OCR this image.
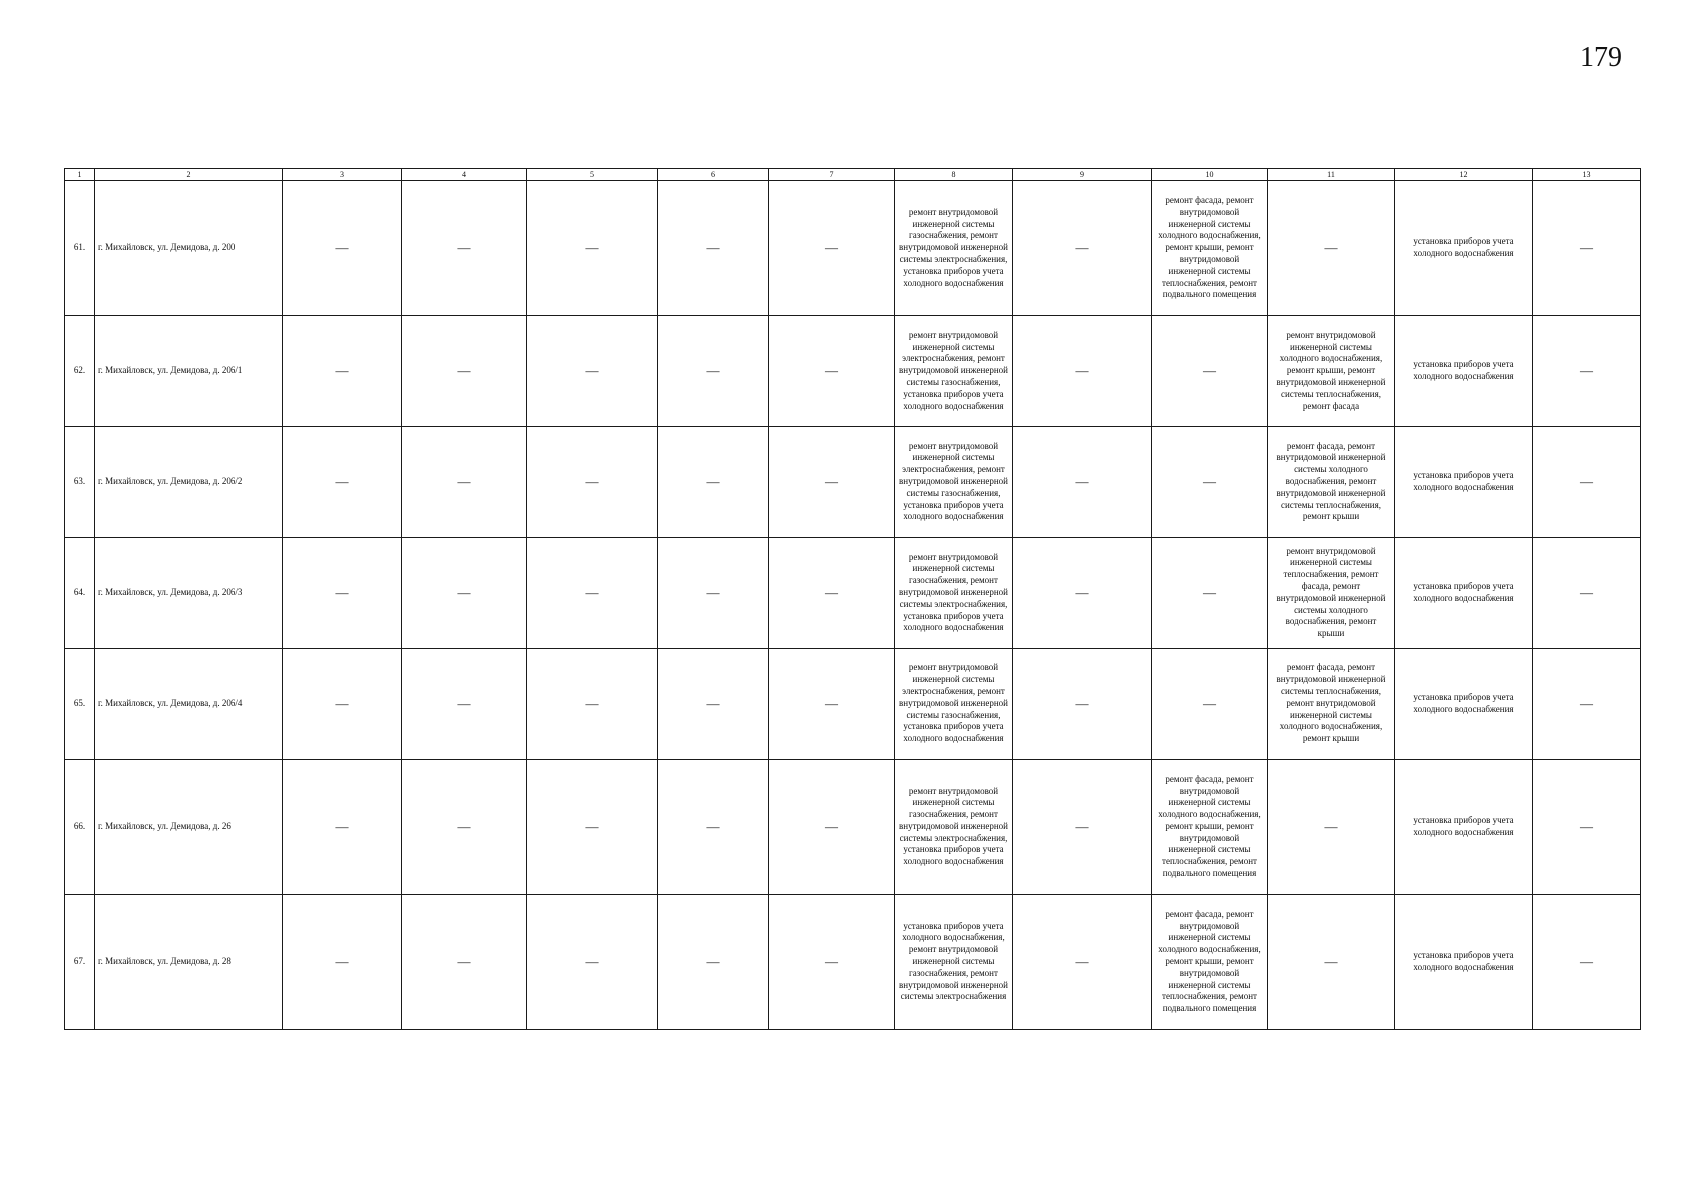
179
1	2	3	4	5	6	7	8	9	10	11	12	13
61.	г. Михайловск, ул. Демидова, д. 200	—	—	—	—	—	ремонт внутридомовой инженерной системы газоснабжения, ремонт внутридомовой инженерной системы электроснабжения, установка приборов учета холодного водоснабжения	—	ремонт фасада, ремонт внутридомовой инженерной системы холодного водоснабжения, ремонт крыши, ремонт внутридомовой инженерной системы теплоснабжения, ремонт подвального помещения	—	установка приборов учета холодного водоснабжения	—
62.	г. Михайловск, ул. Демидова, д. 206/1	—	—	—	—	—	ремонт внутридомовой инженерной системы электроснабжения, ремонт внутридомовой инженерной системы газоснабжения, установка приборов учета холодного водоснабжения	—	—	ремонт внутридомовой инженерной системы холодного водоснабжения, ремонт крыши, ремонт внутридомовой инженерной системы теплоснабжения, ремонт фасада	установка приборов учета холодного водоснабжения	—
63.	г. Михайловск, ул. Демидова, д. 206/2	—	—	—	—	—	ремонт внутридомовой инженерной системы электроснабжения, ремонт внутридомовой инженерной системы газоснабжения, установка приборов учета холодного водоснабжения	—	—	ремонт фасада, ремонт внутридомовой инженерной системы холодного водоснабжения, ремонт внутридомовой инженерной системы теплоснабжения, ремонт крыши	установка приборов учета холодного водоснабжения	—
64.	г. Михайловск, ул. Демидова, д. 206/3	—	—	—	—	—	ремонт внутридомовой инженерной системы газоснабжения, ремонт внутридомовой инженерной системы электроснабжения, установка приборов учета холодного водоснабжения	—	—	ремонт внутридомовой инженерной системы теплоснабжения, ремонт фасада, ремонт внутридомовой инженерной системы холодного водоснабжения, ремонт крыши	установка приборов учета холодного водоснабжения	—
65.	г. Михайловск, ул. Демидова, д. 206/4	—	—	—	—	—	ремонт внутридомовой инженерной системы электроснабжения, ремонт внутридомовой инженерной системы газоснабжения, установка приборов учета холодного водоснабжения	—	—	ремонт фасада, ремонт внутридомовой инженерной системы теплоснабжения, ремонт внутридомовой инженерной системы холодного водоснабжения, ремонт крыши	установка приборов учета холодного водоснабжения	—
66.	г. Михайловск, ул. Демидова, д. 26	—	—	—	—	—	ремонт внутридомовой инженерной системы газоснабжения, ремонт внутридомовой инженерной системы электроснабжения, установка приборов учета холодного водоснабжения	—	ремонт фасада, ремонт внутридомовой инженерной системы холодного водоснабжения, ремонт крыши, ремонт внутридомовой инженерной системы теплоснабжения, ремонт подвального помещения	—	установка приборов учета холодного водоснабжения	—
67.	г. Михайловск, ул. Демидова, д. 28	—	—	—	—	—	установка приборов учета холодного водоснабжения, ремонт внутридомовой инженерной системы газоснабжения, ремонт внутридомовой инженерной системы электроснабжения	—	ремонт фасада, ремонт внутридомовой инженерной системы холодного водоснабжения, ремонт крыши, ремонт внутридомовой инженерной системы теплоснабжения, ремонт подвального помещения	—	установка приборов учета холодного водоснабжения	—
